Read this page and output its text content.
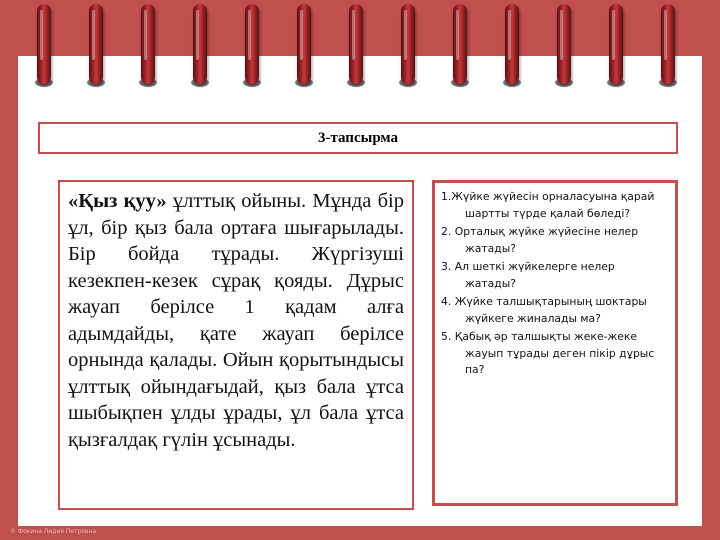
3-тапсырма

«Қыз қуу» ұлттық ойыны. Мұнда бір ұл, бір қыз бала ортаға шығарылады. Бір бойда тұрады. Жүргізуші кезекпен-кезек сұрақ қояды. Дұрыс жауап берілсе 1 қадам алға адымдайды, қате жауап берілсе орнында қалады. Ойын қорытындысы ұлттық ойындағыдай, қыз бала ұтса шыбықпен ұлды ұрады, ұл бала ұтса қызғалдақ гүлін ұсынады.

1.Жүйке жүйесін орналасуына қарай шартты түрде қалай бөледі?
2. Орталық жүйке жүйесіне нелер жатады?
3. Ал шеткі жүйкелерге нелер жатады?
4. Жүйке талшықтарының шоктары жүйкеге жиналады ма?
5. Қабық әр талшықты жеке-жеке жауып тұрады деген пікір дұрыс па?
© Фокина Лидия Петровна
